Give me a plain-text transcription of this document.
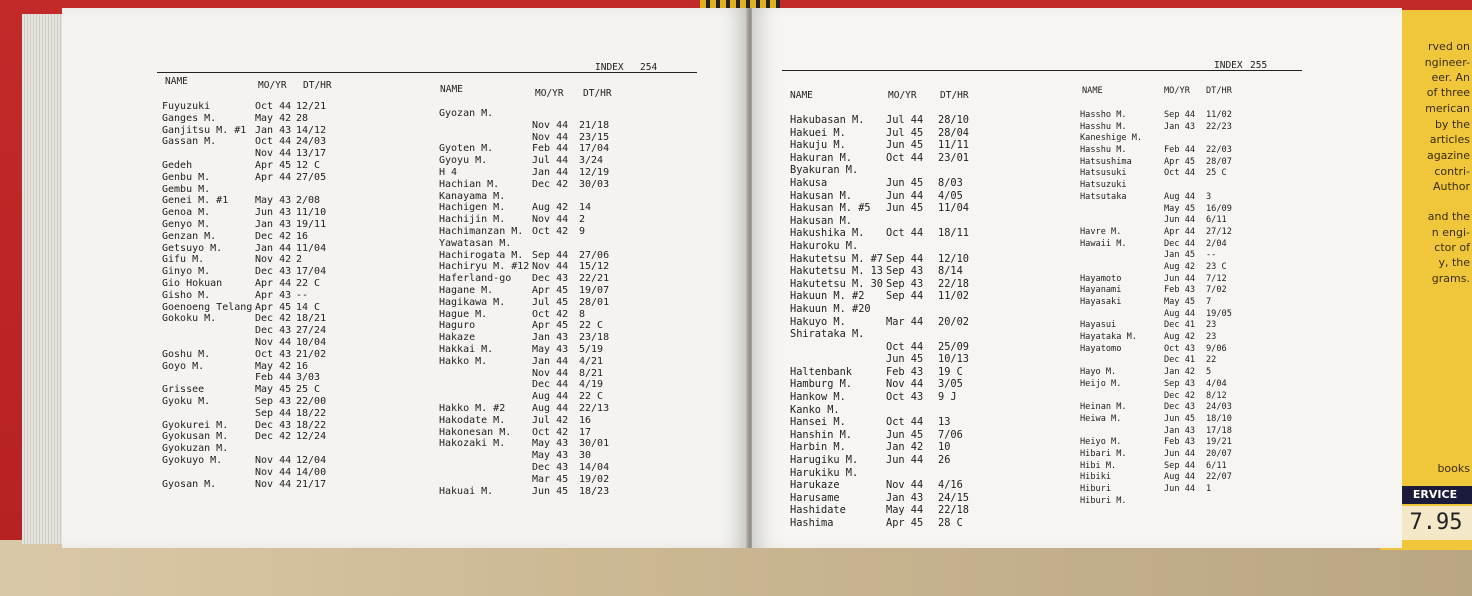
rved on
ngineer-
eer. An
of three
merican
by the
articles
agazine
contri-
Author
and the
n engi-
ctor of
y, the
grams.
books
ERVICE
7.95
INDEX 254
NAME	MO/YR DT/HR	NAME	MO/YR DT/HR
Fuyuzuki	Oct 44 12/21
Ganges M.	May 42 28
Ganjitsu M. #1 Jan 43 14/12
Gassan M.	Oct 44 24/03
Nov 44 13/17
Gedeh	Apr 45 12 C
Genbu M.	Apr 44 27/05
Gembu M.
Genei M. #1	May 43 2/08
Genoa M.	Jun 43 11/10
Genyo M.	Jan 43 19/11
Genzan M.	Dec 42 16
Getsuyo M.	Jan 44 11/04
Gifu M.	Nov 42 2
Ginyo M.	Dec 43 17/04
Gio Hokuan	Apr 44 22 C
Gisho M.	Apr 43 --
Goenoeng Telang Apr 45 14 C
Gokoku M.	Dec 42 18/21
Dec 43 27/24
Nov 44 10/04
Goshu M.	Oct 43 21/02
Goyo M.	May 42 16
Feb 44 3/03
Grissee	May 45 25 C
Gyoku M.	Sep 43 22/00
Sep 44 18/22
Gyokurei M.	Dec 43 18/22
Gyokusan M.	Dec 42 12/24
Gyokuzan M.
Gyokuyo M.	Nov 44 12/04
Nov 44 14/00
Gyosan M.	Nov 44 21/17
Gyozan M.
Nov 44 21/18
Nov 44 23/15
Gyoten M.	Feb 44 17/04
Gyoyu M.	Jul 44 3/24
H 4	Jan 44 12/19
Hachian M.	Dec 42 30/03
Kanayama M.
Hachigen M.	Aug 42 14
Hachijin M.	Nov 44 2
Hachimanzan M. Oct 42 9
Yawatasan M.
Hachirogata M. Sep 44 27/06
Hachiryu M. #12 Nov 44 15/12
Haferland-go Dec 43 22/21
Hagane M.	Apr 45 19/07
Hagikawa M.	Jul 45 28/01
Hague M.	Oct 42 8
Haguro	Apr 45 22 C
Hakaze	Jan 43 23/18
Hakkai M.	May 43 5/19
Hakko M.	Jan 44 4/21
Nov 44 8/21
Dec 44 4/19
Aug 44 22 C
Hakko M. #2	Aug 44 22/13
Hakodate M.	Jul 42 16
Hakonesan M. Oct 42 17
Hakozaki M.	May 43 30/01
May 43 30
Dec 43 14/04
Mar 45 19/02
Hakuai M.	Jun 45 18/23
INDEX 255
NAME	MO/YR DT/HR	NAME	MO/YR DT/HR
Hakubasan M. Jul 44 28/10
Hakuei M.	Jul 45 28/04
Hakuju M.	Jun 45 11/11
Hakuran M.	Oct 44 23/01
Byakuran M.
Hakusa	Jun 45 8/03
Hakusan M.	Jun 44 4/05
Hakusan M. #5 Jun 45 11/04
Hakusan M.
Hakushika M. Oct 44 18/11
Hakuroku M.
Hakutetsu M. #7 Sep 44 12/10
Hakutetsu M. 13 Sep 43 8/14
Hakutetsu M. 30 Sep 43 22/18
Hakuun M. #2 Sep 44 11/02
Hakuun M. #20
Hakuyo M.	Mar 44 20/02
Shirataka M.
Oct 44 25/09
Jun 45 10/13
Haltenbank	Feb 43 19 C
Hamburg M.	Nov 44 3/05
Hankow M.	Oct 43 9 J
Kanko M.
Hansei M.	Oct 44 13
Hanshin M.	Jun 45 7/06
Harbin M.	Jan 42 10
Harugiku M.	Jun 44 26
Harukiku M.
Harukaze	Nov 44 4/16
Harusame	Jan 43 24/15
Hashidate	May 44 22/18
Hashima	Apr 45 28 C
Hassho M.	Sep 44 11/02
Hasshu M.	Jan 43 22/23
Kaneshige M.
Hasshu M.	Feb 44 22/03
Hatsushima	Apr 45 28/07
Hatsusuki	Oct 44 25 C
Hatsuzuki
Hatsutaka	Aug 44 3
May 45 16/09
Jun 44 6/11
Havre M.	Apr 44 27/12
Hawaii M.	Dec 44 2/04
Jan 45 --
Aug 42 23 C
Hayamoto	Jun 44 7/12
Hayanami	Feb 43 7/02
Hayasaki	May 45 7
Aug 44 19/05
Hayasui	Dec 41 23
Hayataka M.	Aug 42 23
Hayatomo	Oct 43 9/06
Dec 41 22
Hayo M.	Jan 42 5
Heijo M.	Sep 43 4/04
Dec 42 8/12
Heinan M.	Dec 43 24/03
Heiwa M.	Jun 45 18/10
Jan 43 17/18
Heiyo M.	Feb 43 19/21
Hibari M.	Jun 44 20/07
Hibi M.	Sep 44 6/11
Hibiki	Aug 44 22/07
Hiburi	Jun 44 1
Hiburi M.
